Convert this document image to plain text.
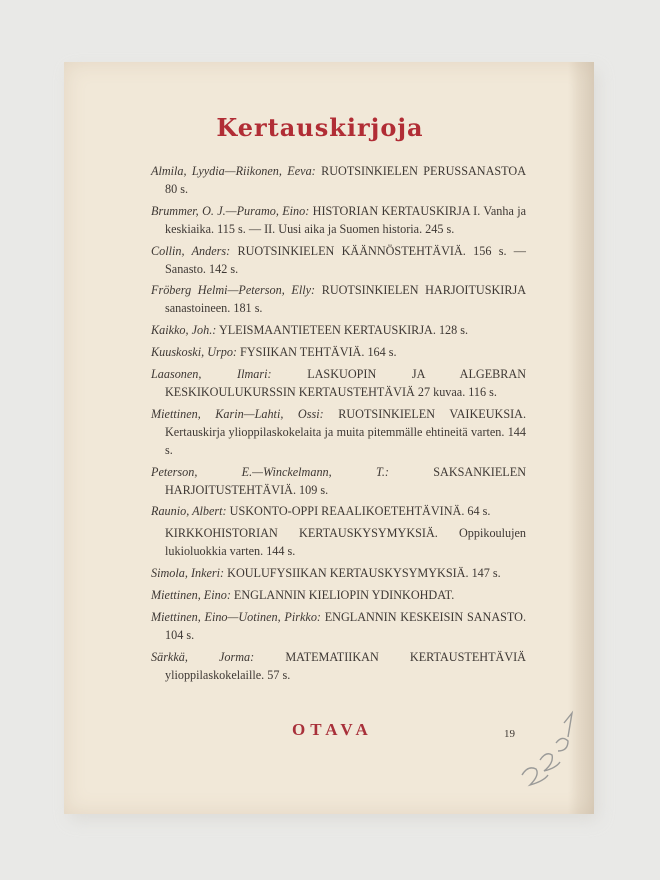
Kertauskirjoja
Almila, Lyydia—Riikonen, Eeva: RUOTSINKIELEN PERUSSANASTOA 80 s.
Brummer, O. J.—Puramo, Eino: HISTORIAN KERTAUSKIRJA I. Vanha ja keskiaika. 115 s. — II. Uusi aika ja Suomen historia. 245 s.
Collin, Anders: RUOTSINKIELEN KÄÄNNÖSTEHTÄVIÄ. 156 s. — Sanasto. 142 s.
Fröberg Helmi—Peterson, Elly: RUOTSINKIELEN HARJOITUSKIRJA sanastoineen. 181 s.
Kaikko, Joh.: YLEISMAANTIETEEN KERTAUSKIRJA. 128 s.
Kuuskoski, Urpo: FYSIIKAN TEHTÄVIÄ. 164 s.
Laasonen, Ilmari:	LASKUOPIN JA ALGEBRAN KESKIKOULUKURSSIN KERTAUSTEHTÄVIÄ 27 kuvaa. 116 s.
Miettinen, Karin—Lahti, Ossi: RUOTSINKIELEN VAIKEUKSIA. Kertauskirja ylioppilaskokelaita ja muita pitemmälle ehtineitä varten. 144 s.
Peterson, E.—Winckelmann, T.:	SAKSANKIELEN HARJOITUSTEHTÄVIÄ. 109 s.
Raunio, Albert: USKONTO-OPPI REAALIKOETEHTÄVINÄ. 64 s.
KIRKKOHISTORIAN KERTAUSKYSYMYKSIÄ. Oppikoulujen lukioluokkia varten. 144 s.
Simola, Inkeri: KOULUFYSIIKAN KERTAUSKYSYMYKSIÄ. 147 s.
Miettinen, Eino: ENGLANNIN KIELIOPIN YDINKOHDAT.
Miettinen, Eino—Uotinen, Pirkko: ENGLANNIN KESKEISIN SANASTO. 104 s.
Särkkä, Jorma:	MATEMATIIKAN KERTAUSTEHTÄVIÄ ylioppilaskokelaille. 57 s.
OTAVA	19
